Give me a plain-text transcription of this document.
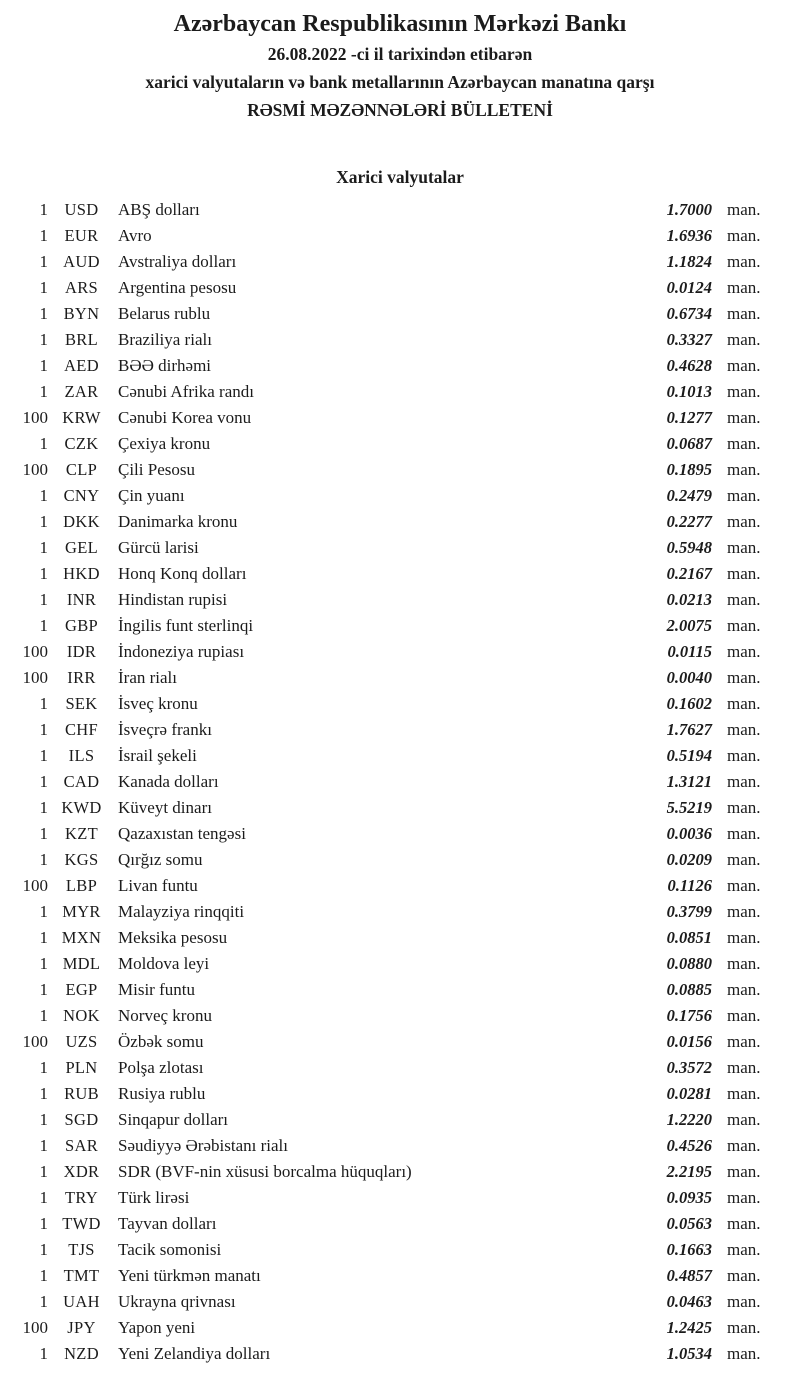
Azərbaycan Respublikasının Mərkəzi Bankı
26.08.2022 -ci il tarixindən etibarən
xarici valyutaların və bank metallarının Azərbaycan manatına qarşı
RƏSMİ MƏZƏNNƏLƏRİ BÜLLETENİ
Xarici valyutalar
1	USD	ABŞ dolları	1.7000 man.
1	EUR	Avro	1.6936 man.
1 AUD	Avstraliya dolları	1.1824 man.
1	ARS	Argentina pesosu	0.0124 man.
1 BYN	Belarus rublu	0.6734 man.
1	BRL	Braziliya rialı	0.3327 man.
1 AED	BƏƏ dirhəmi	0.4628 man.
1	ZAR	Cənubi Afrika randı	0.1013 man.
100 KRW	Cənubi Korea vonu	0.1277 man.
1	CZK	Çexiya kronu	0.0687 man.
100	CLP	Çili Pesosu	0.1895 man.
1 CNY	Çin yuanı	0.2479 man.
1 DKK	Danimarka kronu	0.2277 man.
1	GEL	Gürcü larisi	0.5948 man.
1 HKD	Honq Konq dolları	0.2167 man.
1	INR	Hindistan rupisi	0.0213 man.
1	GBP	İngilis funt sterlinqi	2.0075 man.
100	IDR	İndoneziya rupiası	0.0115 man.
100	IRR	İran rialı	0.0040 man.
1	SEK	İsveç kronu	0.1602 man.
1	CHF	İsveçrə frankı	1.7627 man.
1	ILS	İsrail şekeli	0.5194 man.
1 CAD	Kanada dolları	1.3121 man.
1 KWD Küveyt dinarı	5.5219 man.
1	KZT	Qazaxıstan tengəsi	0.0036 man.
1	KGS	Qırğız somu	0.0209 man.
100	LBP	Livan funtu	0.1126 man.
1 MYR	Malayziya rinqqiti	0.3799 man.
1 MXN Meksika pesosu	0.0851 man.
1 MDL	Moldova leyi	0.0880 man.
1	EGP	Misir funtu	0.0885 man.
1 NOK	Norveç kronu	0.1756 man.
100	UZS	Özbək somu	0.0156 man.
1	PLN	Polşa zlotası	0.3572 man.
1 RUB	Rusiya rublu	0.0281 man.
1	SGD	Sinqapur dolları	1.2220 man.
1	SAR	Səudiyyə Ərəbistanı rialı	0.4526 man.
1 XDR	SDR (BVF-nin xüsusi borcalma hüquqları)	2.2195 man.
1	TRY	Türk lirəsi	0.0935 man.
1 TWD	Tayvan dolları	0.0563 man.
1	TJS	Tacik somonisi	0.1663 man.
1 TMT	Yeni türkmən manatı	0.4857 man.
1 UAH	Ukrayna qrivnası	0.0463 man.
100	JPY	Yapon yeni	1.2425 man.
1 NZD	Yeni Zelandiya dolları	1.0534 man.
